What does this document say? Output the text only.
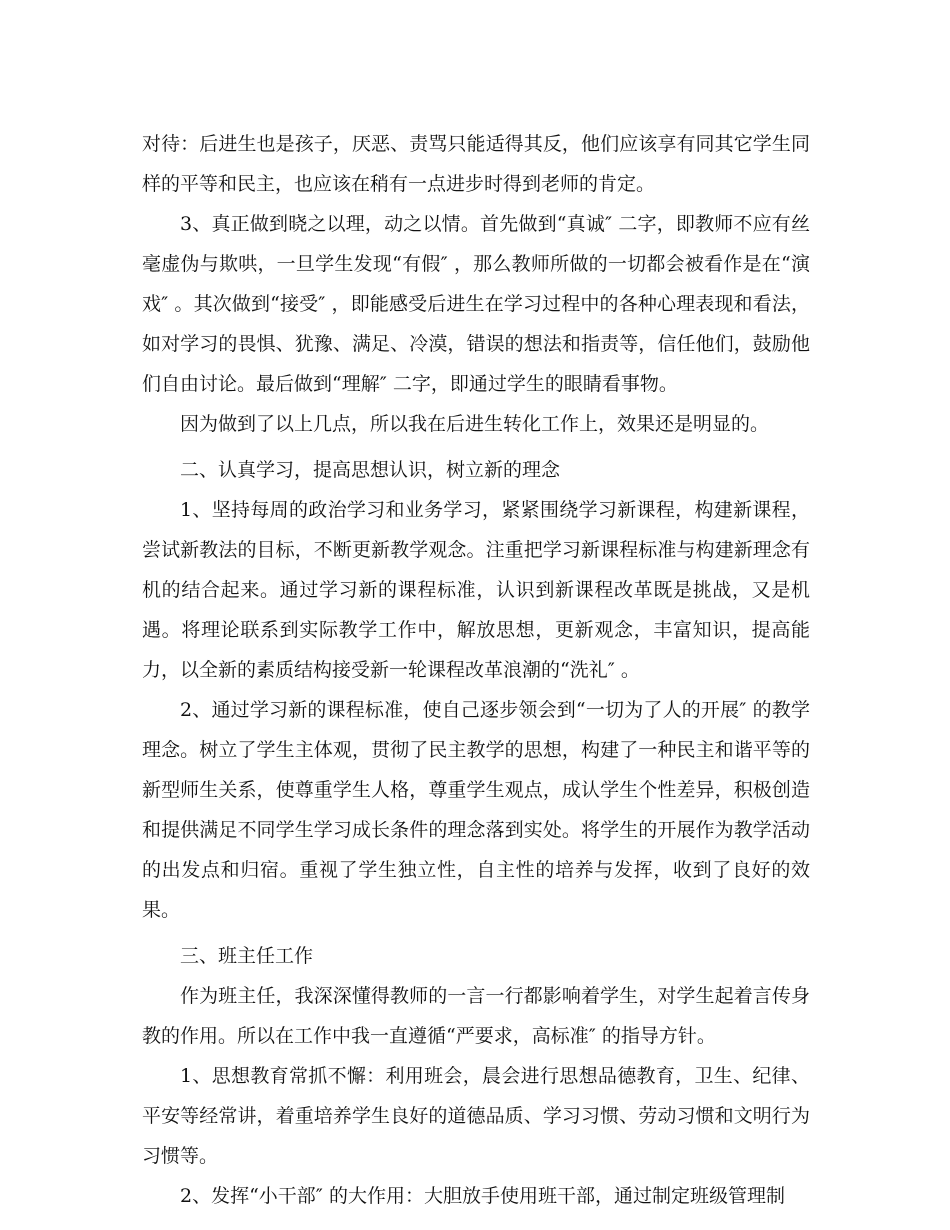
对待：后进生也是孩子，厌恶、责骂只能适得其反，他们应该享有同其它学生同样的平等和民主，也应该在稍有一点进步时得到老师的肯定。

3、真正做到晓之以理，动之以情。首先做到“真诚″ 二字，即教师不应有丝毫虚伪与欺哄，一旦学生发现“有假″ ，那么教师所做的一切都会被看作是在“演戏″ 。其次做到“接受″ ，即能感受后进生在学习过程中的各种心理表现和看法，如对学习的畏惧、犹豫、满足、冷漠，错误的想法和指责等，信任他们，鼓励他们自由讨论。最后做到“理解″ 二字，即通过学生的眼睛看事物。

因为做到了以上几点，所以我在后进生转化工作上，效果还是明显的。

二、认真学习，提高思想认识，树立新的理念

1、坚持每周的政治学习和业务学习，紧紧围绕学习新课程，构建新课程，尝试新教法的目标，不断更新教学观念。注重把学习新课程标准与构建新理念有机的结合起来。通过学习新的课程标准，认识到新课程改革既是挑战，又是机遇。将理论联系到实际教学工作中，解放思想，更新观念，丰富知识，提高能力，以全新的素质结构接受新一轮课程改革浪潮的“洗礼″ 。

2、通过学习新的课程标准，使自己逐步领会到“一切为了人的开展″ 的教学理念。树立了学生主体观，贯彻了民主教学的思想，构建了一种民主和谐平等的新型师生关系，使尊重学生人格，尊重学生观点，成认学生个性差异，积极创造和提供满足不同学生学习成长条件的理念落到实处。将学生的开展作为教学活动的出发点和归宿。重视了学生独立性，自主性的培养与发挥，收到了良好的效果。

三、班主任工作

作为班主任，我深深懂得教师的一言一行都影响着学生，对学生起着言传身教的作用。所以在工作中我一直遵循“严要求，高标准″ 的指导方针。

1、思想教育常抓不懈：利用班会，晨会进行思想品德教育，卫生、纪律、平安等经常讲，着重培养学生良好的道德品质、学习习惯、劳动习惯和文明行为习惯等。

2、发挥“小干部″ 的大作用：大胆放手使用班干部，通过制定班级管理制
